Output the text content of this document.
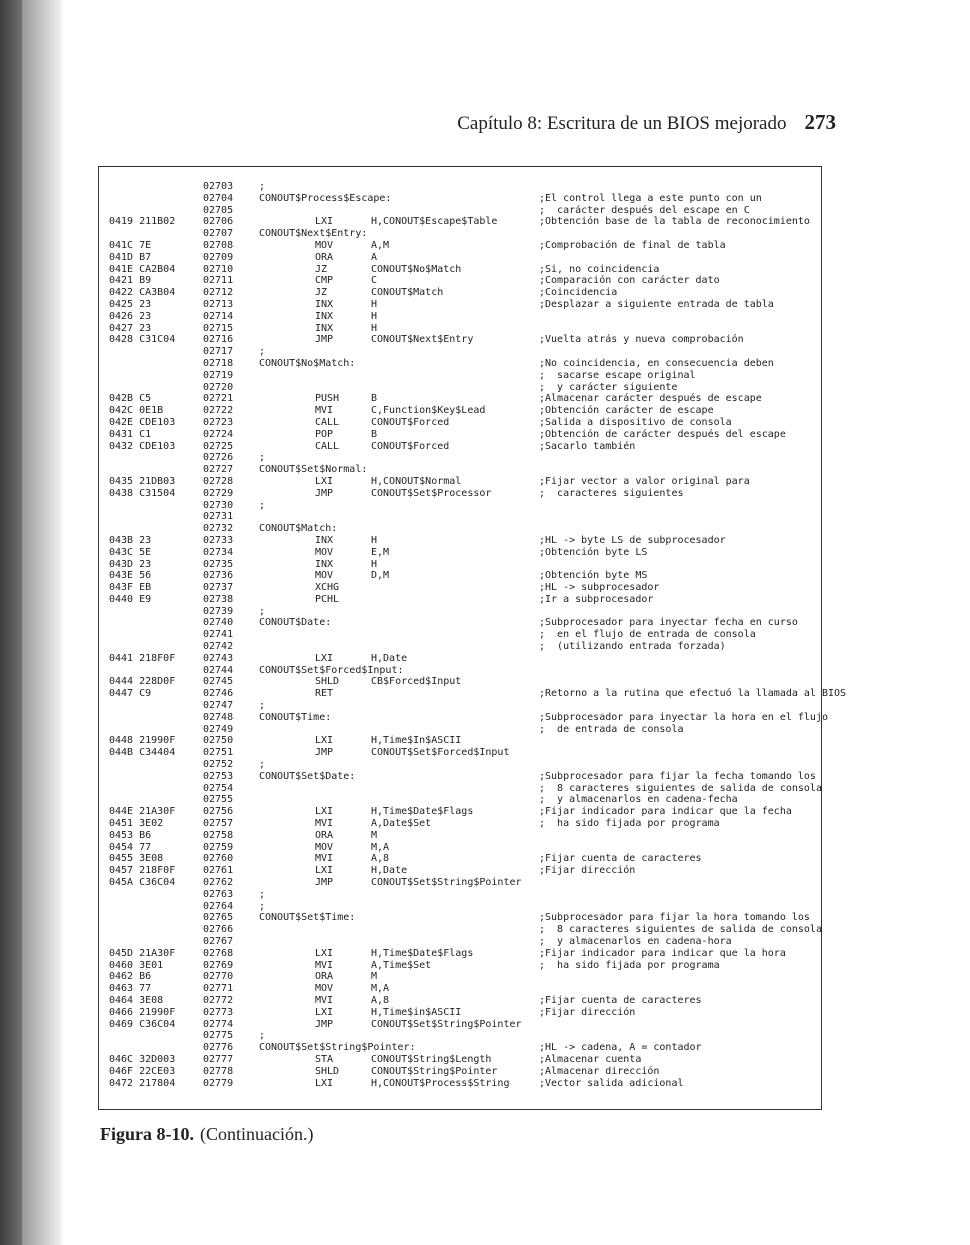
Capítulo 8: Escritura de un BIOS mejorado 273
02703	;
02704	CONOUT$Process$Escape:	;El control llega a este punto con un
02705	;  carácter después del escape en C
0419 211B02	02706	LXI	H,CONOUT$Escape$Table	;Obtención base de la tabla de reconocimiento
02707	CONOUT$Next$Entry:
041C 7E	02708	MOV	A,M	;Comprobación de final de tabla
041D B7	02709	ORA	A
041E CA2B04	02710	JZ	CONOUT$No$Match	;Si, no coincidencia
0421 B9	02711	CMP	C	;Comparación con carácter dato
0422 CA3B04	02712	JZ	CONOUT$Match	;Coincidencia
0425 23	02713	INX	H	;Desplazar a siguiente entrada de tabla
0426 23	02714	INX	H
0427 23	02715	INX	H
0428 C31C04	02716	JMP	CONOUT$Next$Entry	;Vuelta atrás y nueva comprobación
02717	;
02718	CONOUT$No$Match:	;No coincidencia, en consecuencia deben
02719	;  sacarse escape original
02720	;  y carácter siguiente
042B C5	02721	PUSH	B	;Almacenar carácter después de escape
042C 0E1B	02722	MVI	C,Function$Key$Lead	;Obtención carácter de escape
042E CDE103	02723	CALL	CONOUT$Forced	;Salida a dispositivo de consola
0431 C1	02724	POP	B	;Obtención de carácter después del escape
0432 CDE103	02725	CALL	CONOUT$Forced	;Sacarlo también
02726	;
02727	CONOUT$Set$Normal:
0435 21DB03	02728	LXI	H,CONOUT$Normal	;Fijar vector a valor original para
0438 C31504	02729	JMP	CONOUT$Set$Processor	;  caracteres siguientes
02730	;
02731
02732	CONOUT$Match:
043B 23	02733	INX	H	;HL -> byte LS de subprocesador
043C 5E	02734	MOV	E,M	;Obtención byte LS
043D 23	02735	INX	H
043E 56	02736	MOV	D,M	;Obtención byte MS
043F EB	02737	XCHG	;HL -> subprocesador
0440 E9	02738	PCHL	;Ir a subprocesador
02739	;
02740	CONOUT$Date:	;Subprocesador para inyectar fecha en curso
02741	;  en el flujo de entrada de consola
02742	;  (utilizando entrada forzada)
0441 218F0F	02743	LXI	H,Date
02744	CONOUT$Set$Forced$Input:
0444 228D0F	02745	SHLD	CB$Forced$Input
0447 C9	02746	RET	;Retorno a la rutina que efectuó la llamada al BIOS
02747	;
02748	CONOUT$Time:	;Subprocesador para inyectar la hora en el flujo
02749	;  de entrada de consola
0448 21990F	02750	LXI	H,Time$In$ASCII
044B C34404	02751	JMP	CONOUT$Set$Forced$Input
02752	;
02753	CONOUT$Set$Date:	;Subprocesador para fijar la fecha tomando los
02754	;  8 caracteres siguientes de salida de consola
02755	;  y almacenarlos en cadena-fecha
044E 21A30F	02756	LXI	H,Time$Date$Flags	;Fijar indicador para indicar que la fecha
0451 3E02	02757	MVI	A,Date$Set	;  ha sido fijada por programa
0453 B6	02758	ORA	M
0454 77	02759	MOV	M,A
0455 3E08	02760	MVI	A,8	;Fijar cuenta de caracteres
0457 218F0F	02761	LXI	H,Date	;Fijar dirección
045A C36C04	02762	JMP	CONOUT$Set$String$Pointer
02763	;
02764	;
02765	CONOUT$Set$Time:	;Subprocesador para fijar la hora tomando los
02766	;  8 caracteres siguientes de salida de consola
02767	;  y almacenarlos en cadena-hora
045D 21A30F	02768	LXI	H,Time$Date$Flags	;Fijar indicador para indicar que la hora
0460 3E01	02769	MVI	A,Time$Set	;  ha sido fijada por programa
0462 B6	02770	ORA	M
0463 77	02771	MOV	M,A
0464 3E08	02772	MVI	A,8	;Fijar cuenta de caracteres
0466 21990F	02773	LXI	H,Time$in$ASCII	;Fijar dirección
0469 C36C04	02774	JMP	CONOUT$Set$String$Pointer
02775	;
02776	CONOUT$Set$String$Pointer:	;HL -> cadena, A = contador
046C 32D003	02777	STA	CONOUT$String$Length	;Almacenar cuenta
046F 22CE03	02778	SHLD	CONOUT$String$Pointer	;Almacenar dirección
0472 217804	02779	LXI	H,CONOUT$Process$String	;Vector salida adicional
Figura 8-10. (Continuación.)
